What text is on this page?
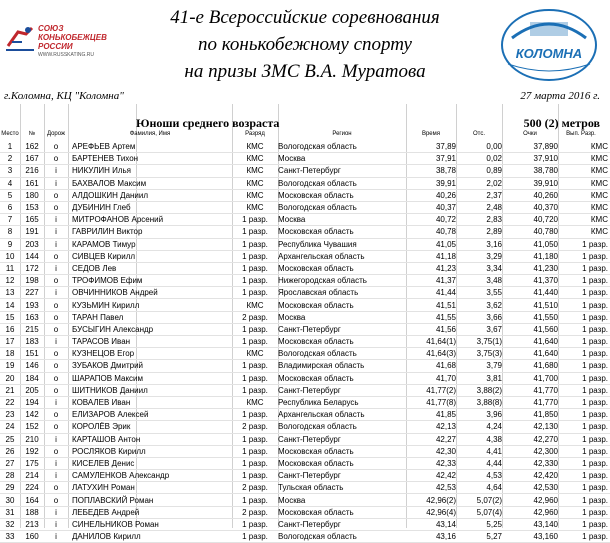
СОЮЗ
КОНЬКОБЕЖЦЕВ
РОССИИ
WWW.RUSSKATING.RU
41-е Всероссийские соревнования
по конькобежному спорту
на призы ЗМС В.А. Муратова
КОЛОМНА
г.Коломна, КЦ "Коломна"	27 марта 2016 г.
Юноши среднего возраста	500 (2) метров
Место	№	Дорож	Фамилия, Имя	Разряд	Регион	Время	Отс.	Очки	Вып. Разр.
1	162	о	АРЕФЬЕВ Артем	КМС	Вологодская область	37,89	0,00	37,890	КМС
2	167	о	БАРТЕНЕВ Тихон	КМС	Москва	37,91	0,02	37,910	КМС
3	216	i	НИКУЛИН Илья	КМС	Санкт-Петербург	38,78	0,89	38,780	КМС
4	161	i	БАХВАЛОВ Максим	КМС	Вологодская область	39,91	2,02	39,910	КМС
5	180	о	АЛДОШКИН Даниил	КМС	Московская область	40,26	2,37	40,260	КМС
6	153	о	ДУБИНИН Глеб	КМС	Вологодская область	40,37	2,48	40,370	КМС
7	165	i	МИТРОФАНОВ Арсений	1 разр.	Москва	40,72	2,83	40,720	КМС
8	191	i	ГАВРИЛИН Виктор	1 разр.	Московская область	40,78	2,89	40,780	КМС
9	203	i	КАРАМОВ Тимур	1 разр.	Республика Чувашия	41,05	3,16	41,050	1 разр.
10	144	о	СИВЦЕВ Кирилл	1 разр.	Архангельская область	41,18	3,29	41,180	1 разр.
11	172	i	СЕДОВ Лев	1 разр.	Московская область	41,23	3,34	41,230	1 разр.
12	198	о	ТРОФИМОВ Ефим	1 разр.	Нижегородская область	41,37	3,48	41,370	1 разр.
13	227	i	ОВЧИННИКОВ Андрей	1 разр.	Ярославская область	41,44	3,55	41,440	1 разр.
14	193	о	КУЗЬМИН Кирилл	КМС	Московская область	41,51	3,62	41,510	1 разр.
15	163	о	ТАРАН Павел	2 разр.	Москва	41,55	3,66	41,550	1 разр.
16	215	о	БУСЫГИН Александр	1 разр.	Санкт-Петербург	41,56	3,67	41,560	1 разр.
17	183	i	ТАРАСОВ Иван	1 разр.	Московская область	41,64(1)	3,75(1)	41,640	1 разр.
18	151	о	КУЗНЕЦОВ Егор	КМС	Вологодская область	41,64(3)	3,75(3)	41,640	1 разр.
19	146	о	ЗУБАКОВ Дмитрий	1 разр.	Владимирская область	41,68	3,79	41,680	1 разр.
20	184	о	ШАРАПОВ Максим	1 разр.	Московская область	41,70	3,81	41,700	1 разр.
21	205	о	ШИТНИКОВ Даниил	1 разр.	Санкт-Петербург	41,77(2)	3,88(2)	41,770	1 разр.
22	194	i	КОВАЛЕВ Иван	КМС	Республика Беларусь	41,77(8)	3,88(8)	41,770	1 разр.
23	142	о	ЕЛИЗАРОВ Алексей	1 разр.	Архангельская область	41,85	3,96	41,850	1 разр.
24	152	о	КОРОЛЁВ Эрик	2 разр.	Вологодская область	42,13	4,24	42,130	1 разр.
25	210	i	КАРТАШОВ Антон	1 разр.	Санкт-Петербург	42,27	4,38	42,270	1 разр.
26	192	о	РОСЛЯКОВ Кирилл	1 разр.	Московская область	42,30	4,41	42,300	1 разр.
27	175	i	КИСЕЛЕВ Денис	1 разр.	Московская область	42,33	4,44	42,330	1 разр.
28	214	i	САМУЛЕНКОВ Александр	1 разр.	Санкт-Петербург	42,42	4,53	42,420	1 разр.
29	224	о	ЛАТУХИН Роман	2 разр.	Тульская область	42,53	4,64	42,530	1 разр.
30	164	о	ПОПЛАВСКИЙ Роман	1 разр.	Москва	42,96(2)	5,07(2)	42,960	1 разр.
31	188	i	ЛЕБЕДЕВ Андрей	2 разр.	Московская область	42,96(4)	5,07(4)	42,960	1 разр.
32	213	i	СИНЕЛЬНИКОВ Роман	1 разр.	Санкт-Петербург	43,14	5,25	43,140	1 разр.
33	160	i	ДАНИЛОВ Кирилл	1 разр.	Вологодская область	43,16	5,27	43,160	1 разр.
